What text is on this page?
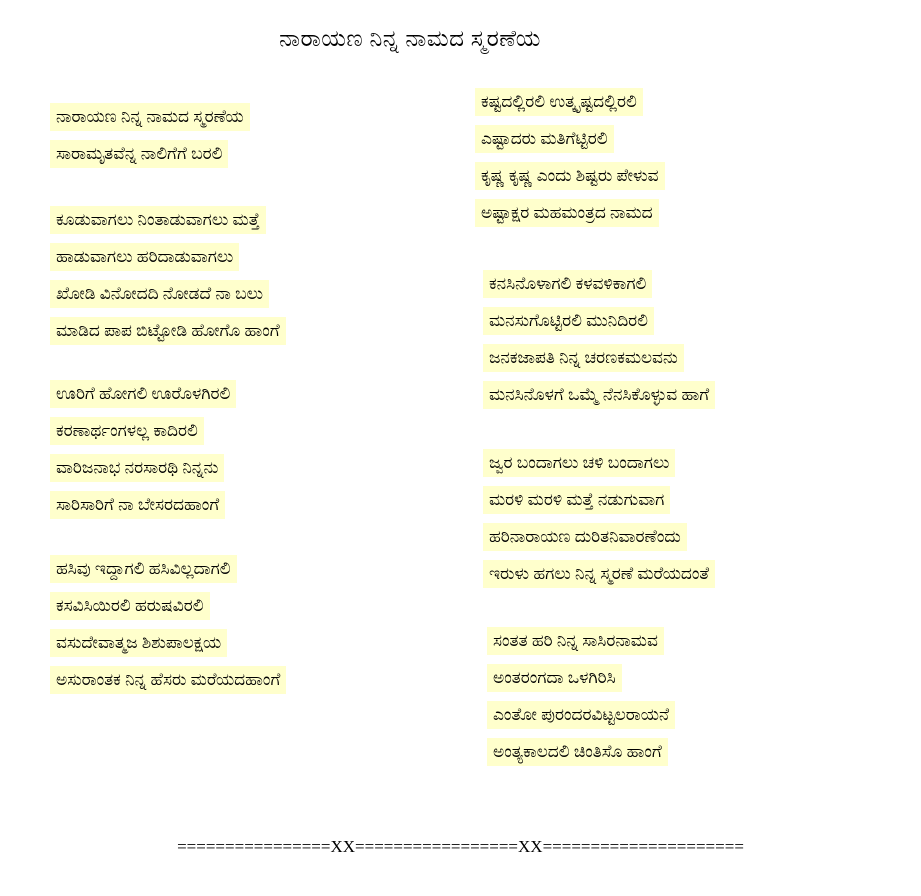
ನಾರಾಯಣ ನಿನ್ನ ನಾಮದ ಸ್ಮರಣೆಯ
ನಾರಾಯಣ ನಿನ್ನ ನಾಮದ ಸ್ಮರಣೆಯ
ಸಾರಾಮೃತವೆನ್ನ ನಾಲಿಗೆಗೆ ಬರಲಿ
ಕೂಡುವಾಗಲು ನಿಂತಾಡುವಾಗಲು ಮತ್ತೆ
ಹಾಡುವಾಗಲು ಹರಿದಾಡುವಾಗಲು
ಖೋಡಿ ವಿನೋದದಿ ನೋಡದೆ ನಾ ಬಲು
ಮಾಡಿದ ಪಾಪ ಬಿಟ್ಟೋಡಿ ಹೋಗೊ ಹಾಂಗೆ
ಊರಿಗೆ ಹೋಗಲಿ ಊರೊಳಗಿರಲಿ
ಕರಣಾರ್ಥಂಗಳಲ್ಲ ಕಾದಿರಲಿ
ವಾರಿಜನಾಭ ನರಸಾರಥಿ ನಿನ್ನನು
ಸಾರಿಸಾರಿಗೆ ನಾ ಬೇಸರದಹಾಂಗೆ
ಹಸಿವು ಇದ್ದಾಗಲಿ ಹಸಿವಿಲ್ಲದಾಗಲಿ
ಕಸವಿಸಿಯಿರಲಿ ಹರುಷವಿರಲಿ
ವಸುದೇವಾತ್ಮಜ ಶಿಶುಪಾಲಕ್ಷಯ
ಅಸುರಾಂತಕ ನಿನ್ನ ಹೆಸರು ಮರೆಯದಹಾಂಗೆ
ಕಷ್ಟದಲ್ಲಿರಲಿ ಉತ್ಕೃಷ್ಟದಲ್ಲಿರಲಿ
ಎಷ್ಟಾದರು ಮತಿಗೆಟ್ಟಿರಲಿ
ಕೃಷ್ಣ ಕೃಷ್ಣ ಎಂದು ಶಿಷ್ಟರು ಪೇಳುವ
ಅಷ್ಟಾಕ್ಷರ ಮಹಮಂತ್ರದ ನಾಮದ
ಕನಸಿನೊಳಾಗಲಿ ಕಳವಳಿಕಾಗಲಿ
ಮನಸುಗೊಟ್ಟಿರಲಿ ಮುನಿದಿರಲಿ
ಜನಕಜಾಪತಿ ನಿನ್ನ ಚರಣಕಮಲವನು
ಮನಸಿನೊಳಗೆ ಒಮ್ಮೆ ನೆನಸಿಕೊಳ್ಳುವ ಹಾಗೆ
ಜ್ವರ ಬಂದಾಗಲು ಚಳಿ ಬಂದಾಗಲು
ಮರಳಿ ಮರಳಿ ಮತ್ತೆ ನಡುಗುವಾಗ
ಹರಿನಾರಾಯಣ ದುರಿತನಿವಾರಣೆಂದು
ಇರುಳು ಹಗಲು ನಿನ್ನ ಸ್ಮರಣೆ ಮರೆಯದಂತೆ
ಸಂತತ ಹರಿ ನಿನ್ನ ಸಾಸಿರನಾಮವ
ಅಂತರಂಗದಾ ಒಳಗಿರಿಸಿ
ಎಂತೋ ಪುರಂದರವಿಟ್ಟಲರಾಯನೆ
ಅಂತ್ಯಕಾಲದಲಿ ಚಿಂತಿಸೊ ಹಾಂಗೆ
================XX=================XX=====================
